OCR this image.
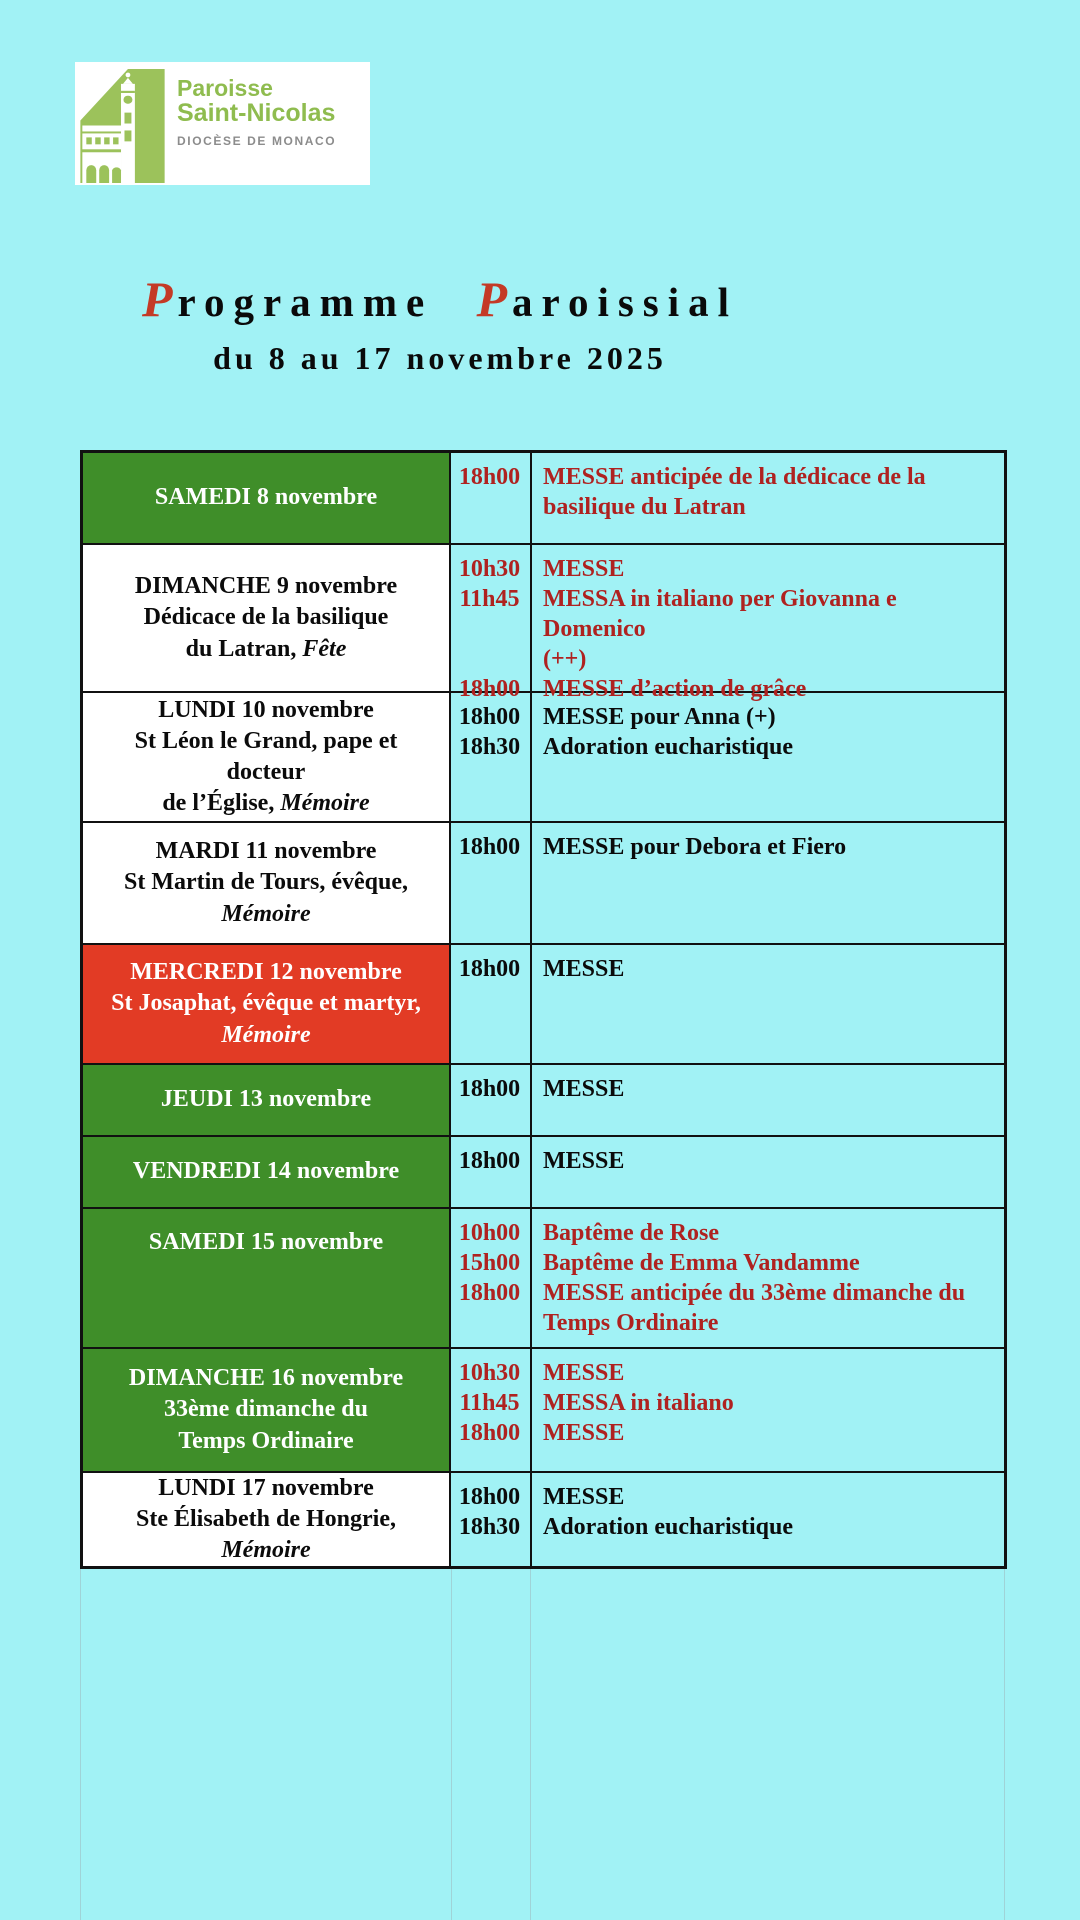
Paroisse
Saint-Nicolas
DIOCÈSE DE MONACO
Programme Paroissial
du 8 au 17 novembre 2025
SAMEDI 8 novembre
18h00 MESSE anticipée de la dédicace de la
basilique du Latran
DIMANCHE 9 novembre
Dédicace de la basilique
du Latran, Fête
10h30 MESSE
11h45 MESSA in italiano per Giovanna e Domenico
(++)
18h00 MESSE d’action de grâce
LUNDI 10 novembre
St Léon le Grand, pape et docteur
de l’Église, Mémoire
18h00 MESSE pour Anna (+)
18h30 Adoration eucharistique
MARDI 11 novembre
St Martin de Tours, évêque,
Mémoire
18h00 MESSE pour Debora et Fiero
MERCREDI 12 novembre
St Josaphat, évêque et martyr,
Mémoire
18h00 MESSE
JEUDI 13 novembre	18h00 MESSE
VENDREDI 14 novembre	18h00 MESSE
SAMEDI 15 novembre	10h00 Baptême de Rose
15h00 Baptême de Emma Vandamme
18h00 MESSE anticipée du 33ème dimanche du
Temps Ordinaire
DIMANCHE 16 novembre
33ème dimanche du
Temps Ordinaire
10h30 MESSE
11h45 MESSA in italiano
18h00 MESSE
LUNDI 17 novembre
Ste Élisabeth de Hongrie, Mémoire
18h00 MESSE
18h30 Adoration eucharistique
